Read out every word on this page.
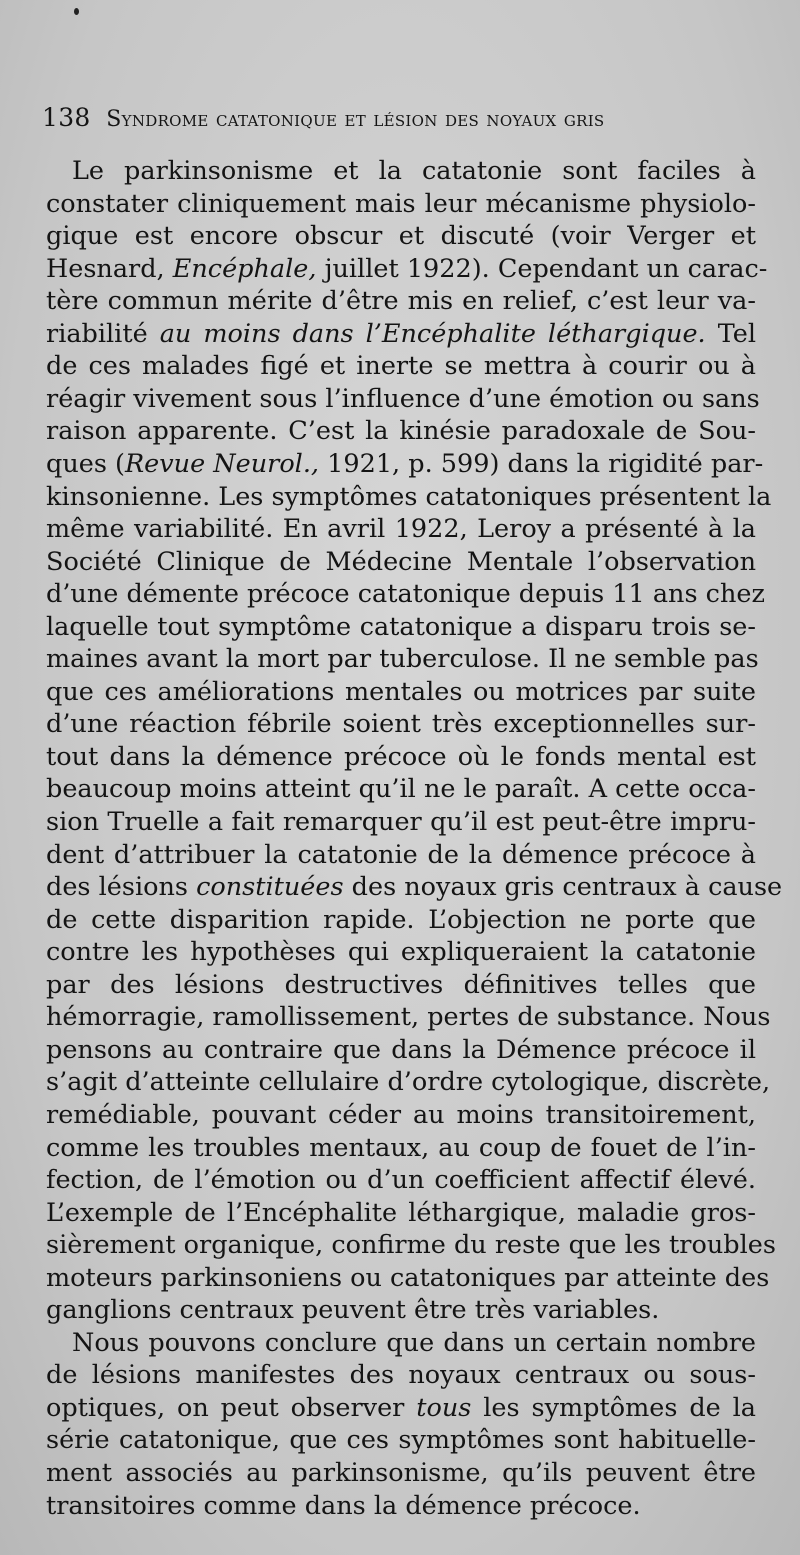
138 Syndrome catatonique et lésion des noyaux gris
Le parkinsonisme et la catatonie sont faciles à
constater cliniquement mais leur mécanisme physiolo-
gique est encore obscur et discuté (voir Verger et
Hesnard, Encéphale, juillet 1922). Cependant un carac-
tère commun mérite d’être mis en relief, c’est leur va-
riabilité au moins dans l’Encéphalite léthargique. Tel
de ces malades figé et inerte se mettra à courir ou à
réagir vivement sous l’influence d’une émotion ou sans
raison apparente. C’est la kinésie paradoxale de Sou-
ques (Revue Neurol., 1921, p. 599) dans la rigidité par-
kinsonienne. Les symptômes catatoniques présentent la
même variabilité. En avril 1922, Leroy a présenté à la
Société Clinique de Médecine Mentale l’observation
d’une démente précoce catatonique depuis 11 ans chez
laquelle tout symptôme catatonique a disparu trois se-
maines avant la mort par tuberculose. Il ne semble pas
que ces améliorations mentales ou motrices par suite
d’une réaction fébrile soient très exceptionnelles sur-
tout dans la démence précoce où le fonds mental est
beaucoup moins atteint qu’il ne le paraît. A cette occa-
sion Truelle a fait remarquer qu’il est peut-être impru-
dent d’attribuer la catatonie de la démence précoce à
des lésions constituées des noyaux gris centraux à cause
de cette disparition rapide. L’objection ne porte que
contre les hypothèses qui expliqueraient la catatonie
par des lésions destructives définitives telles que
hémorragie, ramollissement, pertes de substance. Nous
pensons au contraire que dans la Démence précoce il
s’agit d’atteinte cellulaire d’ordre cytologique, discrète,
remédiable, pouvant céder au moins transitoirement,
comme les troubles mentaux, au coup de fouet de l’in-
fection, de l’émotion ou d’un coefficient affectif élevé.
L’exemple de l’Encéphalite léthargique, maladie gros-
sièrement organique, confirme du reste que les troubles
moteurs parkinsoniens ou catatoniques par atteinte des
ganglions centraux peuvent être très variables.
Nous pouvons conclure que dans un certain nombre
de lésions manifestes des noyaux centraux ou sous-
optiques, on peut observer tous les symptômes de la
série catatonique, que ces symptômes sont habituelle-
ment associés au parkinsonisme, qu’ils peuvent être
transitoires comme dans la démence précoce.
